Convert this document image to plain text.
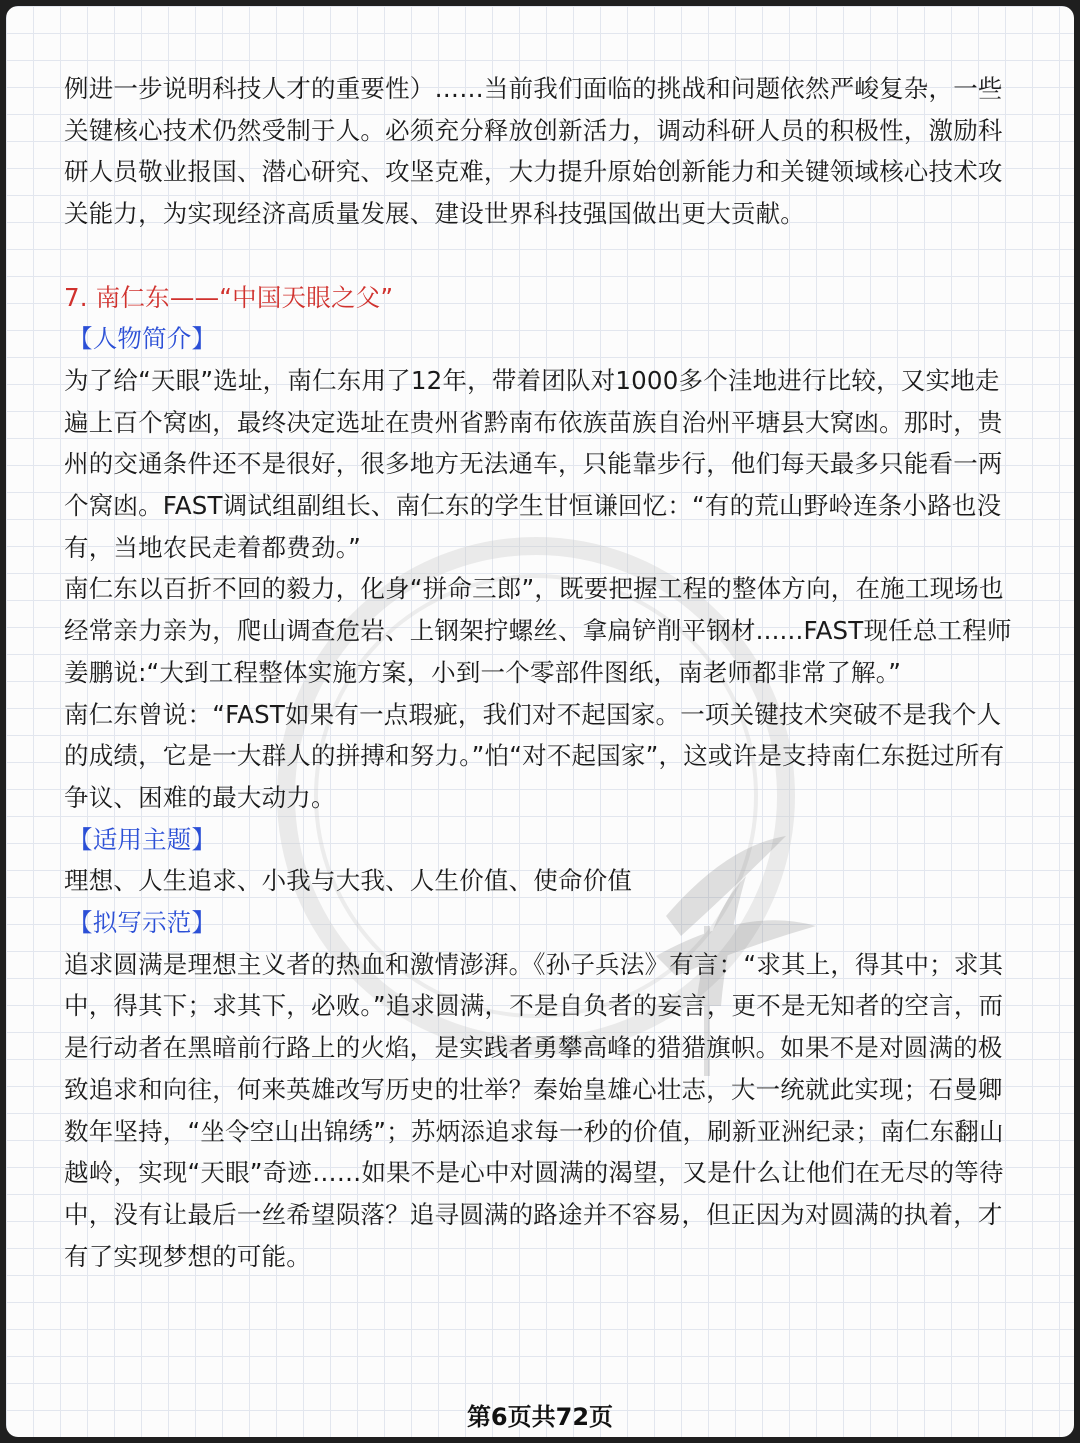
例进一步说明科技人才的重要性）……当前我们面临的挑战和问题依然严峻复杂，一些关键核心技术仍然受制于人。必须充分释放创新活力，调动科研人员的积极性，激励科研人员敬业报国、潜心研究、攻坚克难，大力提升原始创新能力和关键领域核心技术攻关能力，为实现经济高质量发展、建设世界科技强国做出更大贡献。

7. 南仁东——“中国天眼之父”

【人物简介】

为了给“天眼”选址，南仁东用了12年，带着团队对1000多个洼地进行比较，又实地走遍上百个窝凼，最终决定选址在贵州省黔南布依族苗族自治州平塘县大窝凼。那时，贵州的交通条件还不是很好，很多地方无法通车，只能靠步行，他们每天最多只能看一两个窝凼。FAST调试组副组长、南仁东的学生甘恒谦回忆：“有的荒山野岭连条小路也没有，当地农民走着都费劲。”

南仁东以百折不回的毅力，化身“拼命三郎”，既要把握工程的整体方向，在施工现场也经常亲力亲为，爬山调查危岩、上钢架拧螺丝、拿扁铲削平钢材......FAST现任总工程师姜鹏说:“大到工程整体实施方案，小到一个零部件图纸，南老师都非常了解。”

南仁东曾说：“FAST如果有一点瑕疵，我们对不起国家。一项关键技术突破不是我个人的成绩，它是一大群人的拼搏和努力。”怕“对不起国家”，这或许是支持南仁东挺过所有争议、困难的最大动力。

【适用主题】

理想、人生追求、小我与大我、人生价值、使命价值

【拟写示范】

追求圆满是理想主义者的热血和激情澎湃。《孙子兵法》有言：“求其上，得其中；求其中，得其下；求其下，必败。”追求圆满，不是自负者的妄言，更不是无知者的空言，而是行动者在黑暗前行路上的火焰，是实践者勇攀高峰的猎猎旗帜。如果不是对圆满的极致追求和向往，何来英雄改写历史的壮举？秦始皇雄心壮志，大一统就此实现；石曼卿数年坚持，“坐令空山出锦绣”；苏炳添追求每一秒的价值，刷新亚洲纪录；南仁东翻山越岭，实现“天眼”奇迹……如果不是心中对圆满的渴望，又是什么让他们在无尽的等待中，没有让最后一丝希望陨落？追寻圆满的路途并不容易，但正因为对圆满的执着，才有了实现梦想的可能。

第6页共72页
